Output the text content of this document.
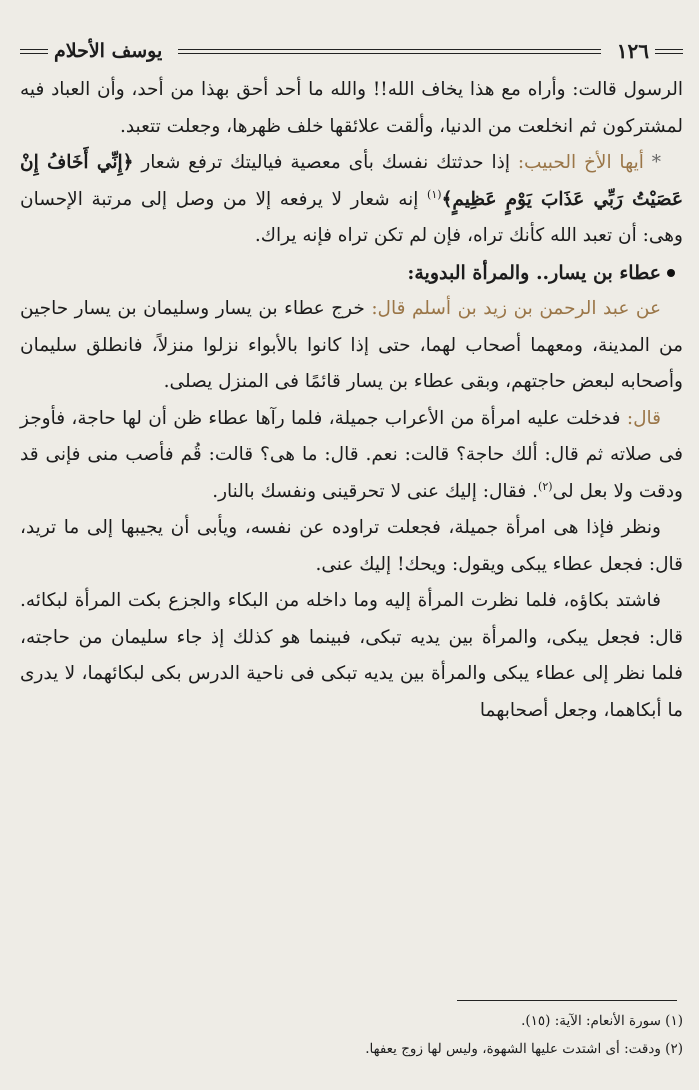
يوسف الأحلام	١٢٦

الرسول قالت: وأراه مع هذا يخاف الله!! والله ما أحد أحق بهذا من أحد، وأن العباد فيه لمشتركون ثم انخلعت من الدنيا، وألقت علائقها خلف ظهرها، وجعلت تتعبد.

* أيها الأخ الحبيب: إذا حدثتك نفسك بأى معصية فياليتك ترفع شعار ﴿إِنِّي أَخَافُ إِنْ عَصَيْتُ رَبِّي عَذَابَ يَوْمٍ عَظِيمٍ﴾$^{(١)}$ إنه شعار لا يرفعه إلا من وصل إلى مرتبة الإحسان وهى: أن تعبد الله كأنك تراه، فإن لم تكن تراه فإنه يراك.

عطاء بن يسار.. والمرأة البدوية:

عن عبد الرحمن بن زيد بن أسلم قال: خرج عطاء بن يسار وسليمان بن يسار حاجين من المدينة، ومعهما أصحاب لهما، حتى إذا كانوا بالأبواء نزلوا منزلاً، فانطلق سليمان وأصحابه لبعض حاجتهم، وبقى عطاء بن يسار قائمًا فى المنزل يصلى.

قال: فدخلت عليه امرأة من الأعراب جميلة، فلما رآها عطاء ظن أن لها حاجة، فأوجز فى صلاته ثم قال: ألك حاجة؟ قالت: نعم. قال: ما هى؟ قالت: قُم فأصب منى فإنى قد ودقت ولا بعل لى$^{(٢)}$. فقال: إليك عنى لا تحرقينى ونفسك بالنار.

ونظر فإذا هى امرأة جميلة، فجعلت تراوده عن نفسه، ويأبى أن يجيبها إلى ما تريد، قال: فجعل عطاء يبكى ويقول: ويحك! إليك عنى.

فاشتد بكاؤه، فلما نظرت المرأة إليه وما داخله من البكاء والجزع بكت المرأة لبكائه. قال: فجعل يبكى، والمرأة بين يديه تبكى، فبينما هو كذلك إذ جاء سليمان من حاجته، فلما نظر إلى عطاء يبكى والمرأة بين يديه تبكى فى ناحية الدرس بكى لبكائهما، لا يدرى ما أبكاهما، وجعل أصحابهما

(١) سورة الأنعام: الآية: (١٥).

(٢) ودقت: أى اشتدت عليها الشهوة، وليس لها زوج يعفها.
